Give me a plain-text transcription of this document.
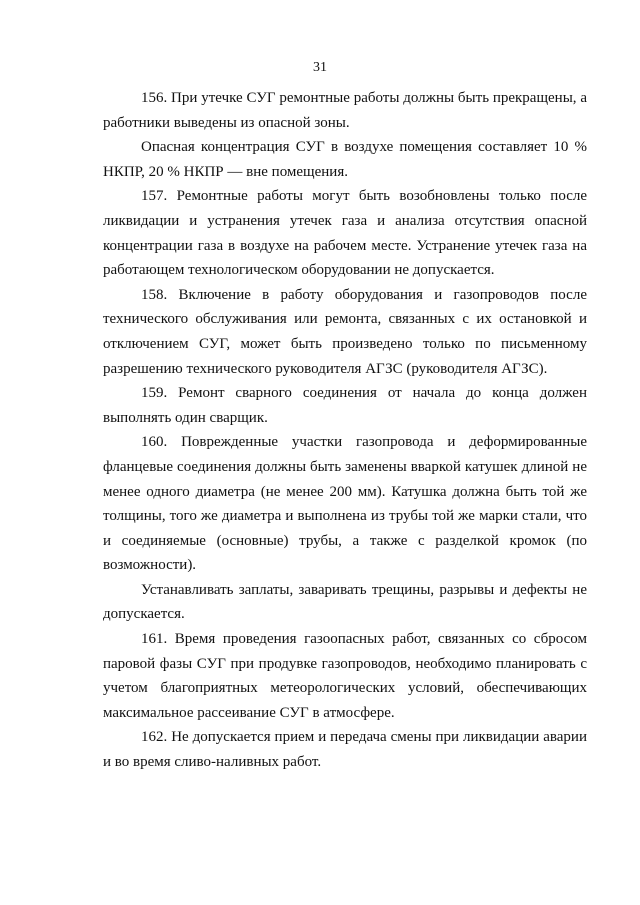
31

156. При утечке СУГ ремонтные работы должны быть прекращены, а работники выведены из опасной зоны.

Опасная концентрация СУГ в воздухе помещения составляет 10 % НКПР, 20 % НКПР — вне помещения.

157. Ремонтные работы могут быть возобновлены только после ликвидации и устранения утечек газа и анализа отсутствия опасной концентрации газа в воздухе на рабочем месте. Устранение утечек газа на работающем технологическом оборудовании не допускается.

158. Включение в работу оборудования и газопроводов после технического обслуживания или ремонта, связанных с их остановкой и отключением СУГ, может быть произведено только по письменному разрешению технического руководителя АГЗС (руководителя АГЗС).

159. Ремонт сварного соединения от начала до конца должен выполнять один сварщик.

160. Поврежденные участки газопровода и деформированные фланцевые соединения должны быть заменены вваркой катушек длиной не менее одного диаметра (не менее 200 мм). Катушка должна быть той же толщины, того же диаметра и выполнена из трубы той же марки стали, что и соединяемые (основные) трубы, а также с разделкой кромок (по возможности).

Устанавливать заплаты, заваривать трещины, разрывы и дефекты не допускается.

161. Время проведения газоопасных работ, связанных со сбросом паровой фазы СУГ при продувке газопроводов, необходимо планировать с учетом благоприятных метеорологических условий, обеспечивающих максимальное рассеивание СУГ в атмосфере.

162. Не допускается прием и передача смены при ликвидации аварии и во время сливо-наливных работ.
